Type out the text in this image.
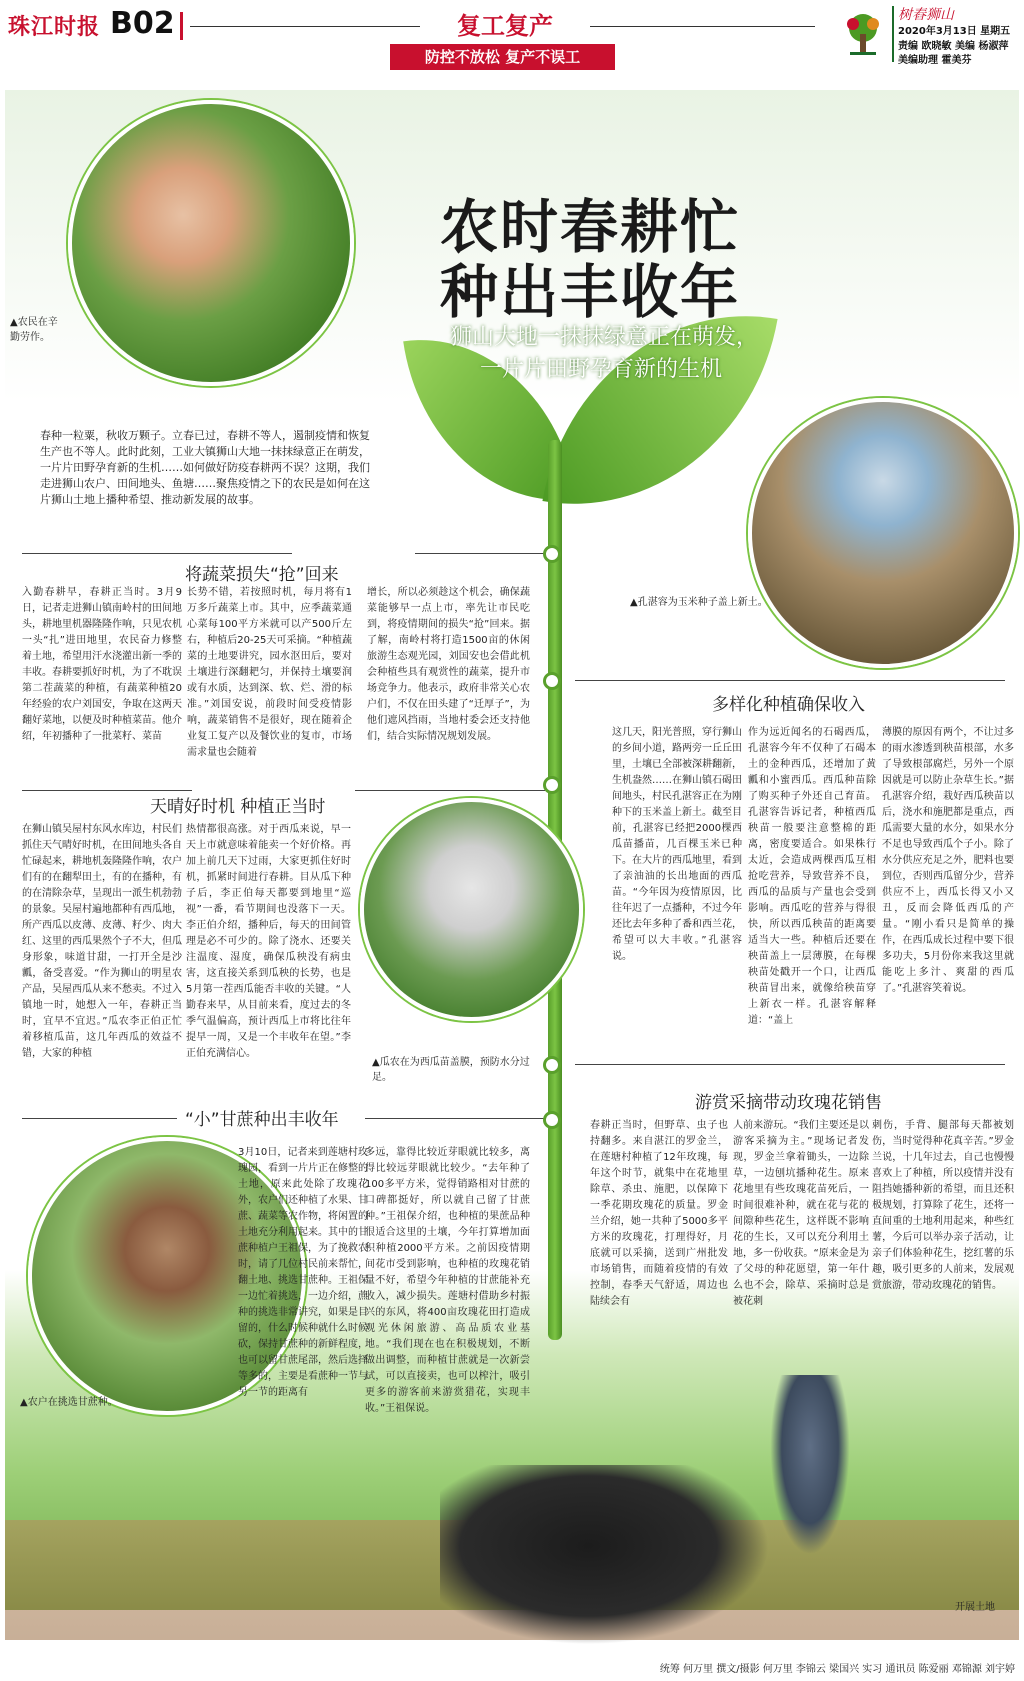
珠江时报 B02	复工复产
防控不放松 复产不误工
树舂狮山
2020年3月13日 星期五
责编 欧晓敏 美编 杨淑萍
美编助理 霍美芬
农时春耕忙
种出丰收年
狮山大地一抹抹绿意正在萌发，
一片片田野孕育新的生机
▲农民在辛勤劳作。
▲孔湛容为玉米种子盖上新土。
▲瓜农在为西瓜苗盖膜，预防水分过足。
▲农户在挑选甘蔗种。
开展土地
春种一粒粟，秋收万颗子。立春已过，春耕不等人，遏制疫情和恢复生产也不等人。此时此刻，工业大镇狮山大地一抹抹绿意正在萌发，一片片田野孕育新的生机……如何做好防疫春耕两不误？这期，我们走进狮山农户、田间地头、鱼塘……聚焦疫情之下的农民是如何在这片狮山土地上播种希望、推动新发展的故事。
将蔬菜损失“抢”回来
入勤春耕早，春耕正当时。3月9日，记者走进狮山镇南岭村的田间地头，耕地里机器隆隆作响，只见农机一头“扎”进田地里，农民奋力修整着土地，希望用汗水浇灌出新一季的丰收。春耕要抓好时机，为了不耽误第二茬蔬菜的种植，有蔬菜种植20年经验的农户刘国安，争取在这两天翻好菜地，以便及时种植菜苗。他介绍，年初播种了一批菜籽、菜苗
长势不错，若按照时机，每月将有1万多斤蔬菜上市。其中，应季蔬菜通心菜每100平方米就可以产500斤左右，种植后20-25天可采摘。“种植蔬菜的土地要讲究，园水沤田后，要对土壤进行深翻耙匀，并保持土壤要润或有水质，达到深、软、烂、滑的标准。”刘国安说，前段时间受疫情影响，蔬菜销售不是很好，现在随着企业复工复产以及餐饮业的复市，市场需求量也会随着
增长，所以必须趁这个机会，确保蔬菜能够早一点上市，率先让市民吃到，将疫情期间的损失“抢”回来。据了解，南岭村将打造1500亩的休闲旅游生态观光园，刘国安也会借此机会种植些具有观赏性的蔬菜，提升市场竞争力。他表示，政府非常关心农户们，不仅在田头建了“迁厚子”，为他们遮风挡雨，当地村委会还支持他们，结合实际情况规划发展。
天晴好时机 种植正当时
在狮山镇吴屋村东风水库边，村民们抓住天气晴好时机，在田间地头各自忙碌起来，耕地机轰隆隆作响，农户们有的在翻犁田土，有的在播种，有的在清除杂草，呈现出一派生机勃勃的景象。吴屋村遍地都种有西瓜地，所产西瓜以皮薄、皮薄、籽少、肉大红、这里的西瓜果然个子不大，但瓜身形象，味道甘甜，一打开全是沙瓤，备受喜爱。“作为狮山的明星农产品，吴屋西瓜从来不愁卖。不过入镇地一时，她想入一年，春耕正当时，宜早不宜迟。”瓜农李正伯正忙着移植瓜苗，这几年西瓜的效益不错，大家的种植
热情都很高涨。对于西瓜来说，早一天上市就意味着能卖一个好价格。再加上前几天下过雨，大家更抓住好时机，抓紧时间进行春耕。目从瓜下种子后，李正伯每天都要到地里“巡视”一番，看节期间也没落下一天。李正伯介绍，播种后，每天的田间管理是必不可少的。除了浇水、还要关注温度、湿度，确保瓜秧没有病虫害，这直接关系到瓜秧的长势，也是5月第一茬西瓜能否丰收的关键。“人勤春来早，从目前来看，度过去的冬季气温偏高，预计西瓜上市将比往年提早一周，又是一个丰收年在望。”李正伯充满信心。
多样化种植确保收入
这几天，阳光普照，穿行狮山的乡间小道，路两旁一丘丘田里，土壤已全部被深耕翻新，生机盎然……在狮山镇石碣田间地头，村民孔湛容正在为刚种下的玉米盖上新土。截至目前，孔湛容已经把2000棵西瓜苗播苗，几百棵玉米已种下。在大片的西瓜地里，看到了亲油油的长出地面的西瓜苗。“今年因为疫情原因，比往年迟了一点播种，不过今年还比去年多种了番和西兰花，希望可以大丰收。”孔湛容说。
作为远近闻名的石碣西瓜，孔湛容今年不仅种了石碣本土的金种西瓜，还增加了黄瓤和小蜜西瓜。西瓜种苗除了购买种子外还自己育苗。孔湛容告诉记者，种植西瓜秧苗一般要注意整棉的距离，密度要适合。如果株行太近，会造成两棵西瓜互相抢吃营养，导致营养不良，西瓜的品质与产量也会受到影响。西瓜吃的营养与得很快，所以西瓜秧苗的距离要适当大一些。种植后还要在秧苗盖上一层薄膜，在每棵秧苗处戳开一个口，让西瓜秧苗冒出来，就像给秧苗穿上新衣一样。孔湛容解释道：“盖上
薄膜的原因有两个，不让过多的雨水渗透到秧苗根部，水多了导致根部腐烂，另外一个原因就是可以防止杂草生长。”据孔湛容介绍，栽好西瓜秧苗以后，浇水和施肥都是重点，西瓜需要大量的水分，如果水分不足也导致西瓜个子小。除了水分供应充足之外，肥料也要到位，否则西瓜留分少，营养供应不上，西瓜长得又小又丑，反而会降低西瓜的产量。“刚小看只是简单的操作，在西瓜成长过程中要下很多功夫，5月份你来我这里就能吃上多汁、爽甜的西瓜了。”孔湛容笑着说。
游赏采摘带动玫瑰花销售
春耕正当时，但野草、虫子也持翻多。来自湛江的罗金兰，在莲塘村种植了12年玫瑰，每年这个时节，就集中在花地里除草、杀虫、施肥，以保障下一季花期玫瑰花的质量。罗金兰介绍，她一共种了5000多平方米的玫瑰花，打理得好，月底就可以采摘，送到广州批发市场销售，而随着疫情的有效控制，春季天气舒适，周边也陆续会有
人前来游玩。“我们主要还是以游客采摘为主。”现场记者发现，罗金兰拿着锄头，一边除草，一边刨坑播种花生。原来花地里有些玫瑰花苗死后，一时间很难补种，就在花与花的间隙种些花生，这样既不影响花的生长，又可以充分利用土地，多一份收获。“原来金是为了父母的种花愿望，第一年什么也不会，除草、采摘时总是被花刺
刺伤，手背、腿部每天都被划伤，当时觉得种花真辛苦。”罗金兰说，十几年过去，自己也慢慢喜欢上了种植，所以疫情并没有阻挡她播种新的希望，而且还积极规划，打算除了花生，还将一直间重的土地利用起来，种些红薯，今后可以举办亲子活动，让亲子们体验种花生，挖红薯的乐趣，吸引更多的人前来，发展观赏旅游，带动玫瑰花的销售。
“小”甘蔗种出丰收年
3月10日，记者来到莲塘村玫瑰园，看到一片片正在修整的土地，原来此处除了玫瑰花外，农户们还种植了水果、甘蔗、蔬菜等农作物，将闲置的土地充分利用起来。其中的甘蔗种植户王祖保，为了挽救农时，请了几位村民前来帮忙，翻土地、挑选甘蔗种。王祖保一边忙着挑选，一边介绍，蔗种的挑选非常讲究，如果是目留的，什么时候种就什么时候砍，保持甘蔗种的新鲜程度，也可以留甘蔗尾部，然后选择等多的，主要是看蔗种一节与另一节的距离有
多远，靠得比较近芽眼就比较多，离得比较远芽眼就比较少。“去年种了100多平方米，觉得销路相对甘蔗的口碑都挺好，所以就自己留了甘蔗种。”王祖保介绍，也种植的果蔗品种很适合这里的土壤，今年打算增加面积种植2000平方米。之前因疫情期间花市受到影响，也种植的玫瑰花销量不好，希望今年种植的甘蔗能补充收入，减少损失。莲塘村借助乡村振兴的东风，将400亩玫瑰花田打造成观光休闲旅游、高品质农业基地。“我们现在也在积极规划，不断做出调整，而种植甘蔗就是一次新尝试，可以直接卖，也可以榨汁，吸引更多的游客前来游赏猎花，实现丰收。”王祖保说。
统筹 何万里 撰文/摄影 何万里 李锦云 梁国兴 实习 通讯员 陈爱丽 邓锦源 刘宇婷
